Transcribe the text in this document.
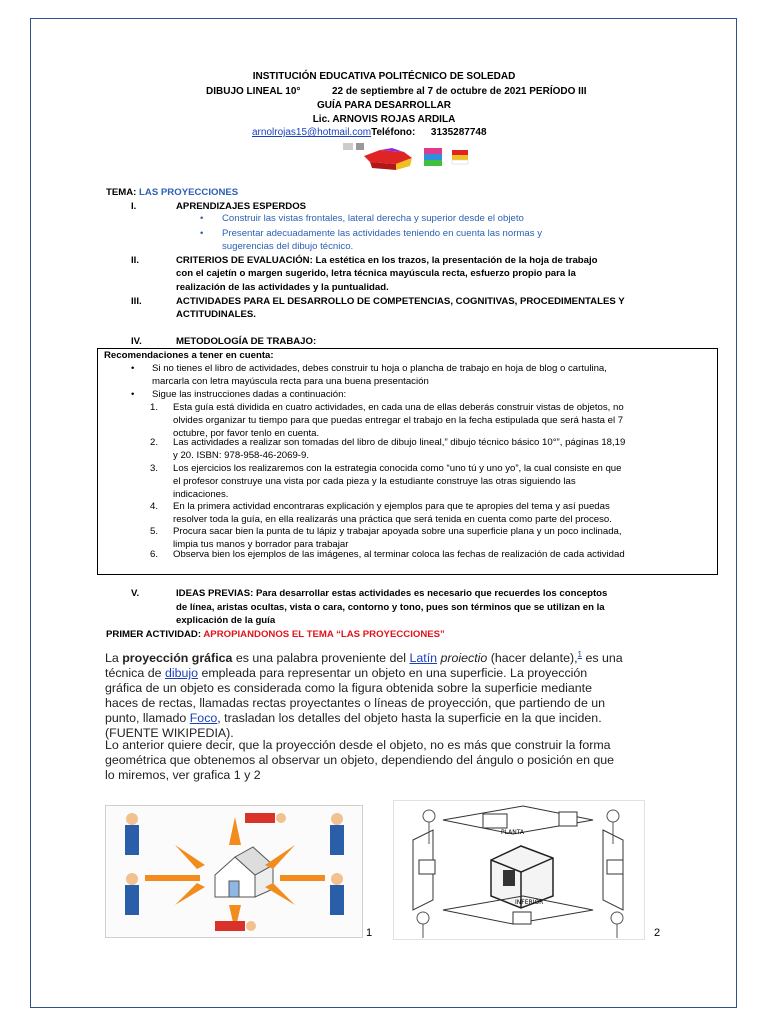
INSTITUCIÓN EDUCATIVA POLITÉCNICO DE SOLEDAD
DIBUJO LINEAL 10°	22 de septiembre al 7 de octubre de 2021 PERÍODO III
GUÍA PARA DESARROLLAR
Lic. ARNOVIS ROJAS ARDILA
arnolrojas15@hotmail.comTeléfono: 3135287748
TEMA: LAS PROYECCIONES
I.	APRENDIZAJES ESPERDOS
• Construir las vistas frontales, lateral derecha y superior desde el objeto
• Presentar adecuadamente las actividades teniendo en cuenta las normas y
sugerencias del dibujo técnico.
II.	CRITERIOS DE EVALUACIÓN: La estética en los trazos, la presentación de la hoja de trabajo
con el cajetín o margen sugerido, letra técnica mayúscula recta, esfuerzo propio para la
realización de las actividades y la puntualidad.
III.	ACTIVIDADES PARA EL DESARROLLO DE COMPETENCIAS, COGNITIVAS, PROCEDIMENTALES Y
ACTITUDINALES.
IV.	METODOLOGÍA DE TRABAJO:
Recomendaciones a tener en cuenta:
• Si no tienes el libro de actividades, debes construir tu hoja o plancha de trabajo en hoja de blog o cartulina,
marcarla con letra mayúscula recta para una buena presentación
• Sigue las instrucciones dadas a continuación:
1. Esta guía está dividida en cuatro actividades, en cada una de ellas deberás construir vistas de objetos, no
olvides organizar tu tiempo para que puedas entregar el trabajo en la fecha estipulada que será hasta el 7
octubre, por favor tenlo en cuenta.
2. Las actividades a realizar son tomadas del libro de dibujo lineal,” dibujo técnico básico 10°”, páginas 18,19
y 20. ISBN: 978-958-46-2069-9.
3. Los ejercicios los realizaremos con la estrategia conocida como “uno tú y uno yo”, la cual consiste en que
el profesor construye una vista por cada pieza y la estudiante construye las otras siguiendo las
indicaciones.
4. En la primera actividad encontraras explicación y ejemplos para que te apropies del tema y así puedas
resolver toda la guía, en ella realizarás una práctica que será tenida en cuenta como parte del proceso.
5. Procura sacar bien la punta de tu lápiz y trabajar apoyada sobre una superficie plana y un poco inclinada,
limpia tus manos y borrador para trabajar
6. Observa bien los ejemplos de las imágenes, al terminar coloca las fechas de realización de cada actividad
V.	IDEAS PREVIAS: Para desarrollar estas actividades es necesario que recuerdes los conceptos
de línea, aristas ocultas, vista o cara, contorno y tono, pues son términos que se utilizan en la
explicación de la guía
PRIMER ACTIVIDAD: APROPIANDONOS EL TEMA “LAS PROYECCIONES”
La proyección gráfica es una palabra proveniente del Latín proiectio (hacer delante),$^1$ es una
técnica de dibujo empleada para representar un objeto en una superficie. La proyección
gráfica de un objeto es considerada como la figura obtenida sobre la superficie mediante
haces de rectas, llamadas rectas proyectantes o líneas de proyección, que partiendo de un
punto, llamado Foco, trasladan los detalles del objeto hasta la superficie en la que inciden.
(FUENTE WIKIPEDIA).
Lo anterior quiere decir, que la proyección desde el objeto, no es más que construir la forma
geométrica que obtenemos al observar un objeto, dependiendo del ángulo o posición en que
lo miremos, ver grafica 1 y 2
1
PLANTA
INFERIOR
2
